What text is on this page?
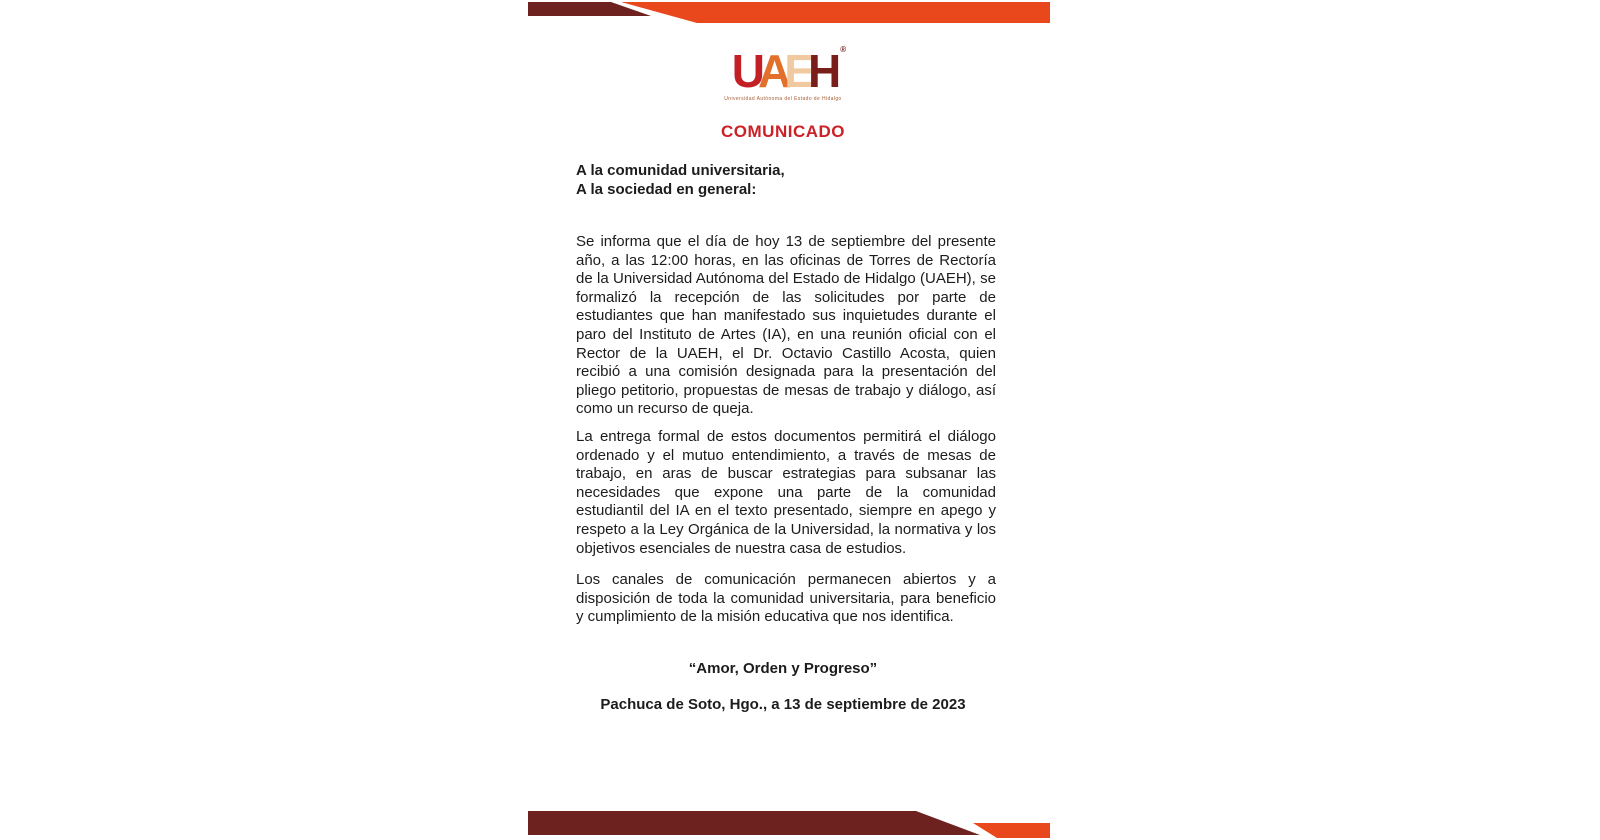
UAEH ®
Universidad Autónoma del Estado de Hidalgo
COMUNICADO
A la comunidad universitaria,
A la sociedad en general:
Se informa que el día de hoy 13 de septiembre del presente año, a las 12:00 horas, en las oficinas de Torres de Rectoría de la Universidad Autónoma del Estado de Hidalgo (UAEH), se formalizó la recepción de las solicitudes por parte de estudiantes que han manifestado sus inquietudes durante el paro del Instituto de Artes (IA), en una reunión oficial con el Rector de la UAEH, el Dr. Octavio Castillo Acosta, quien recibió a una comisión designada para la presentación del pliego petitorio, propuestas de mesas de trabajo y diálogo, así como un recurso de queja.
La entrega formal de estos documentos permitirá el diálogo ordenado y el mutuo entendimiento, a través de mesas de trabajo, en aras de buscar estrategias para subsanar las necesidades que expone una parte de la comunidad estudiantil del IA en el texto presentado, siempre en apego y respeto a la Ley Orgánica de la Universidad, la normativa y los objetivos esenciales de nuestra casa de estudios.
Los canales de comunicación permanecen abiertos y a disposición de toda la comunidad universitaria, para beneficio y cumplimiento de la misión educativa que nos identifica.
“Amor, Orden y Progreso”
Pachuca de Soto, Hgo., a 13 de septiembre de 2023
